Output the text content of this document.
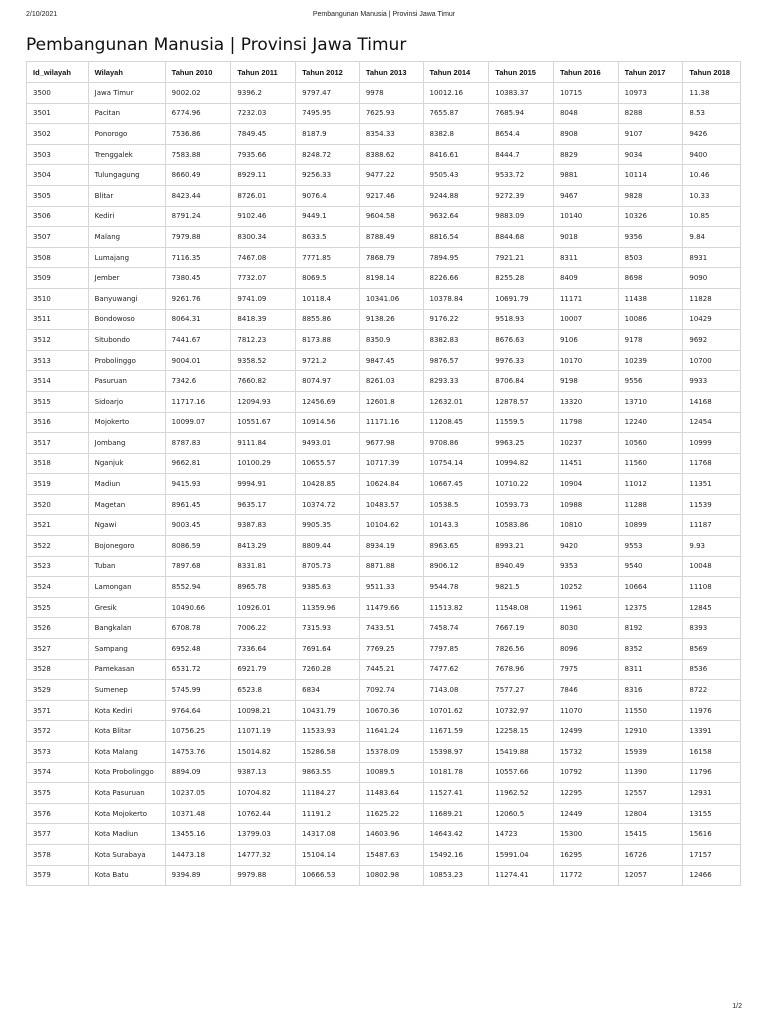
2/10/2021	Pembangunan Manusia | Provinsi Jawa Timur
Pembangunan Manusia | Provinsi Jawa Timur
Id_wilayah	Wilayah	Tahun 2010	Tahun 2011	Tahun 2012	Tahun 2013	Tahun 2014	Tahun 2015	Tahun 2016	Tahun 2017	Tahun 2018
3500	Jawa Timur	9002.02	9396.2	9797.47	9978	10012.16	10383.37	10715	10973	11.38
3501	Pacitan	6774.96	7232.03	7495.95	7625.93	7655.87	7685.94	8048	8288	8.53
3502	Ponorogo	7536.86	7849.45	8187.9	8354.33	8382.8	8654.4	8908	9107	9426
3503	Trenggalek	7583.88	7935.66	8248.72	8388.62	8416.61	8444.7	8829	9034	9400
3504	Tulungagung	8660.49	8929.11	9256.33	9477.22	9505.43	9533.72	9881	10114	10.46
3505	Blitar	8423.44	8726.01	9076.4	9217.46	9244.88	9272.39	9467	9828	10.33
3506	Kediri	8791.24	9102.46	9449.1	9604.58	9632.64	9883.09	10140	10326	10.85
3507	Malang	7979.88	8300.34	8633.5	8788.49	8816.54	8844.68	9018	9356	9.84
3508	Lumajang	7116.35	7467.08	7771.85	7868.79	7894.95	7921.21	8311	8503	8931
3509	Jember	7380.45	7732.07	8069.5	8198.14	8226.66	8255.28	8409	8698	9090
3510	Banyuwangi	9261.76	9741.09	10118.4	10341.06	10378.84	10691.79	11171	11438	11828
3511	Bondowoso	8064.31	8418.39	8855.86	9138.26	9176.22	9518.93	10007	10086	10429
3512	Situbondo	7441.67	7812.23	8173.88	8350.9	8382.83	8676.63	9106	9178	9692
3513	Probolinggo	9004.01	9358.52	9721.2	9847.45	9876.57	9976.33	10170	10239	10700
3514	Pasuruan	7342.6	7660.82	8074.97	8261.03	8293.33	8706.84	9198	9556	9933
3515	Sidoarjo	11717.16	12094.93	12456.69	12601.8	12632.01	12878.57	13320	13710	14168
3516	Mojokerto	10099.07	10551.67	10914.56	11171.16	11208.45	11559.5	11798	12240	12454
3517	Jombang	8787.83	9111.84	9493.01	9677.98	9708.86	9963.25	10237	10560	10999
3518	Nganjuk	9662.81	10100.29	10655.57	10717.39	10754.14	10994.82	11451	11560	11768
3519	Madiun	9415.93	9994.91	10428.85	10624.84	10667.45	10710.22	10904	11012	11351
3520	Magetan	8961.45	9635.17	10374.72	10483.57	10538.5	10593.73	10988	11288	11539
3521	Ngawi	9003.45	9387.83	9905.35	10104.62	10143.3	10583.86	10810	10899	11187
3522	Bojonegoro	8086.59	8413.29	8809.44	8934.19	8963.65	8993.21	9420	9553	9.93
3523	Tuban	7897.68	8331.81	8705.73	8871.88	8906.12	8940.49	9353	9540	10048
3524	Lamongan	8552.94	8965.78	9385.63	9511.33	9544.78	9821.5	10252	10664	11108
3525	Gresik	10490.66	10926.01	11359.96	11479.66	11513.82	11548.08	11961	12375	12845
3526	Bangkalan	6708.78	7006.22	7315.93	7433.51	7458.74	7667.19	8030	8192	8393
3527	Sampang	6952.48	7336.64	7691.64	7769.25	7797.85	7826.56	8096	8352	8569
3528	Pamekasan	6531.72	6921.79	7260.28	7445.21	7477.62	7678.96	7975	8311	8536
3529	Sumenep	5745.99	6523.8	6834	7092.74	7143.08	7577.27	7846	8316	8722
3571	Kota Kediri	9764.64	10098.21	10431.79	10670.36	10701.62	10732.97	11070	11550	11976
3572	Kota Blitar	10756.25	11071.19	11533.93	11641.24	11671.59	12258.15	12499	12910	13391
3573	Kota Malang	14753.76	15014.82	15286.58	15378.09	15398.97	15419.88	15732	15939	16158
3574	Kota Probolinggo	8894.09	9387.13	9863.55	10089.5	10181.78	10557.66	10792	11390	11796
3575	Kota Pasuruan	10237.05	10704.82	11184.27	11483.64	11527.41	11962.52	12295	12557	12931
3576	Kota Mojokerto	10371.48	10762.44	11191.2	11625.22	11689.21	12060.5	12449	12804	13155
3577	Kota Madiun	13455.16	13799.03	14317.08	14603.96	14643.42	14723	15300	15415	15616
3578	Kota Surabaya	14473.18	14777.32	15104.14	15487.63	15492.16	15991.04	16295	16726	17157
3579	Kota Batu	9394.89	9979.88	10666.53	10802.98	10853.23	11274.41	11772	12057	12466
1/2
